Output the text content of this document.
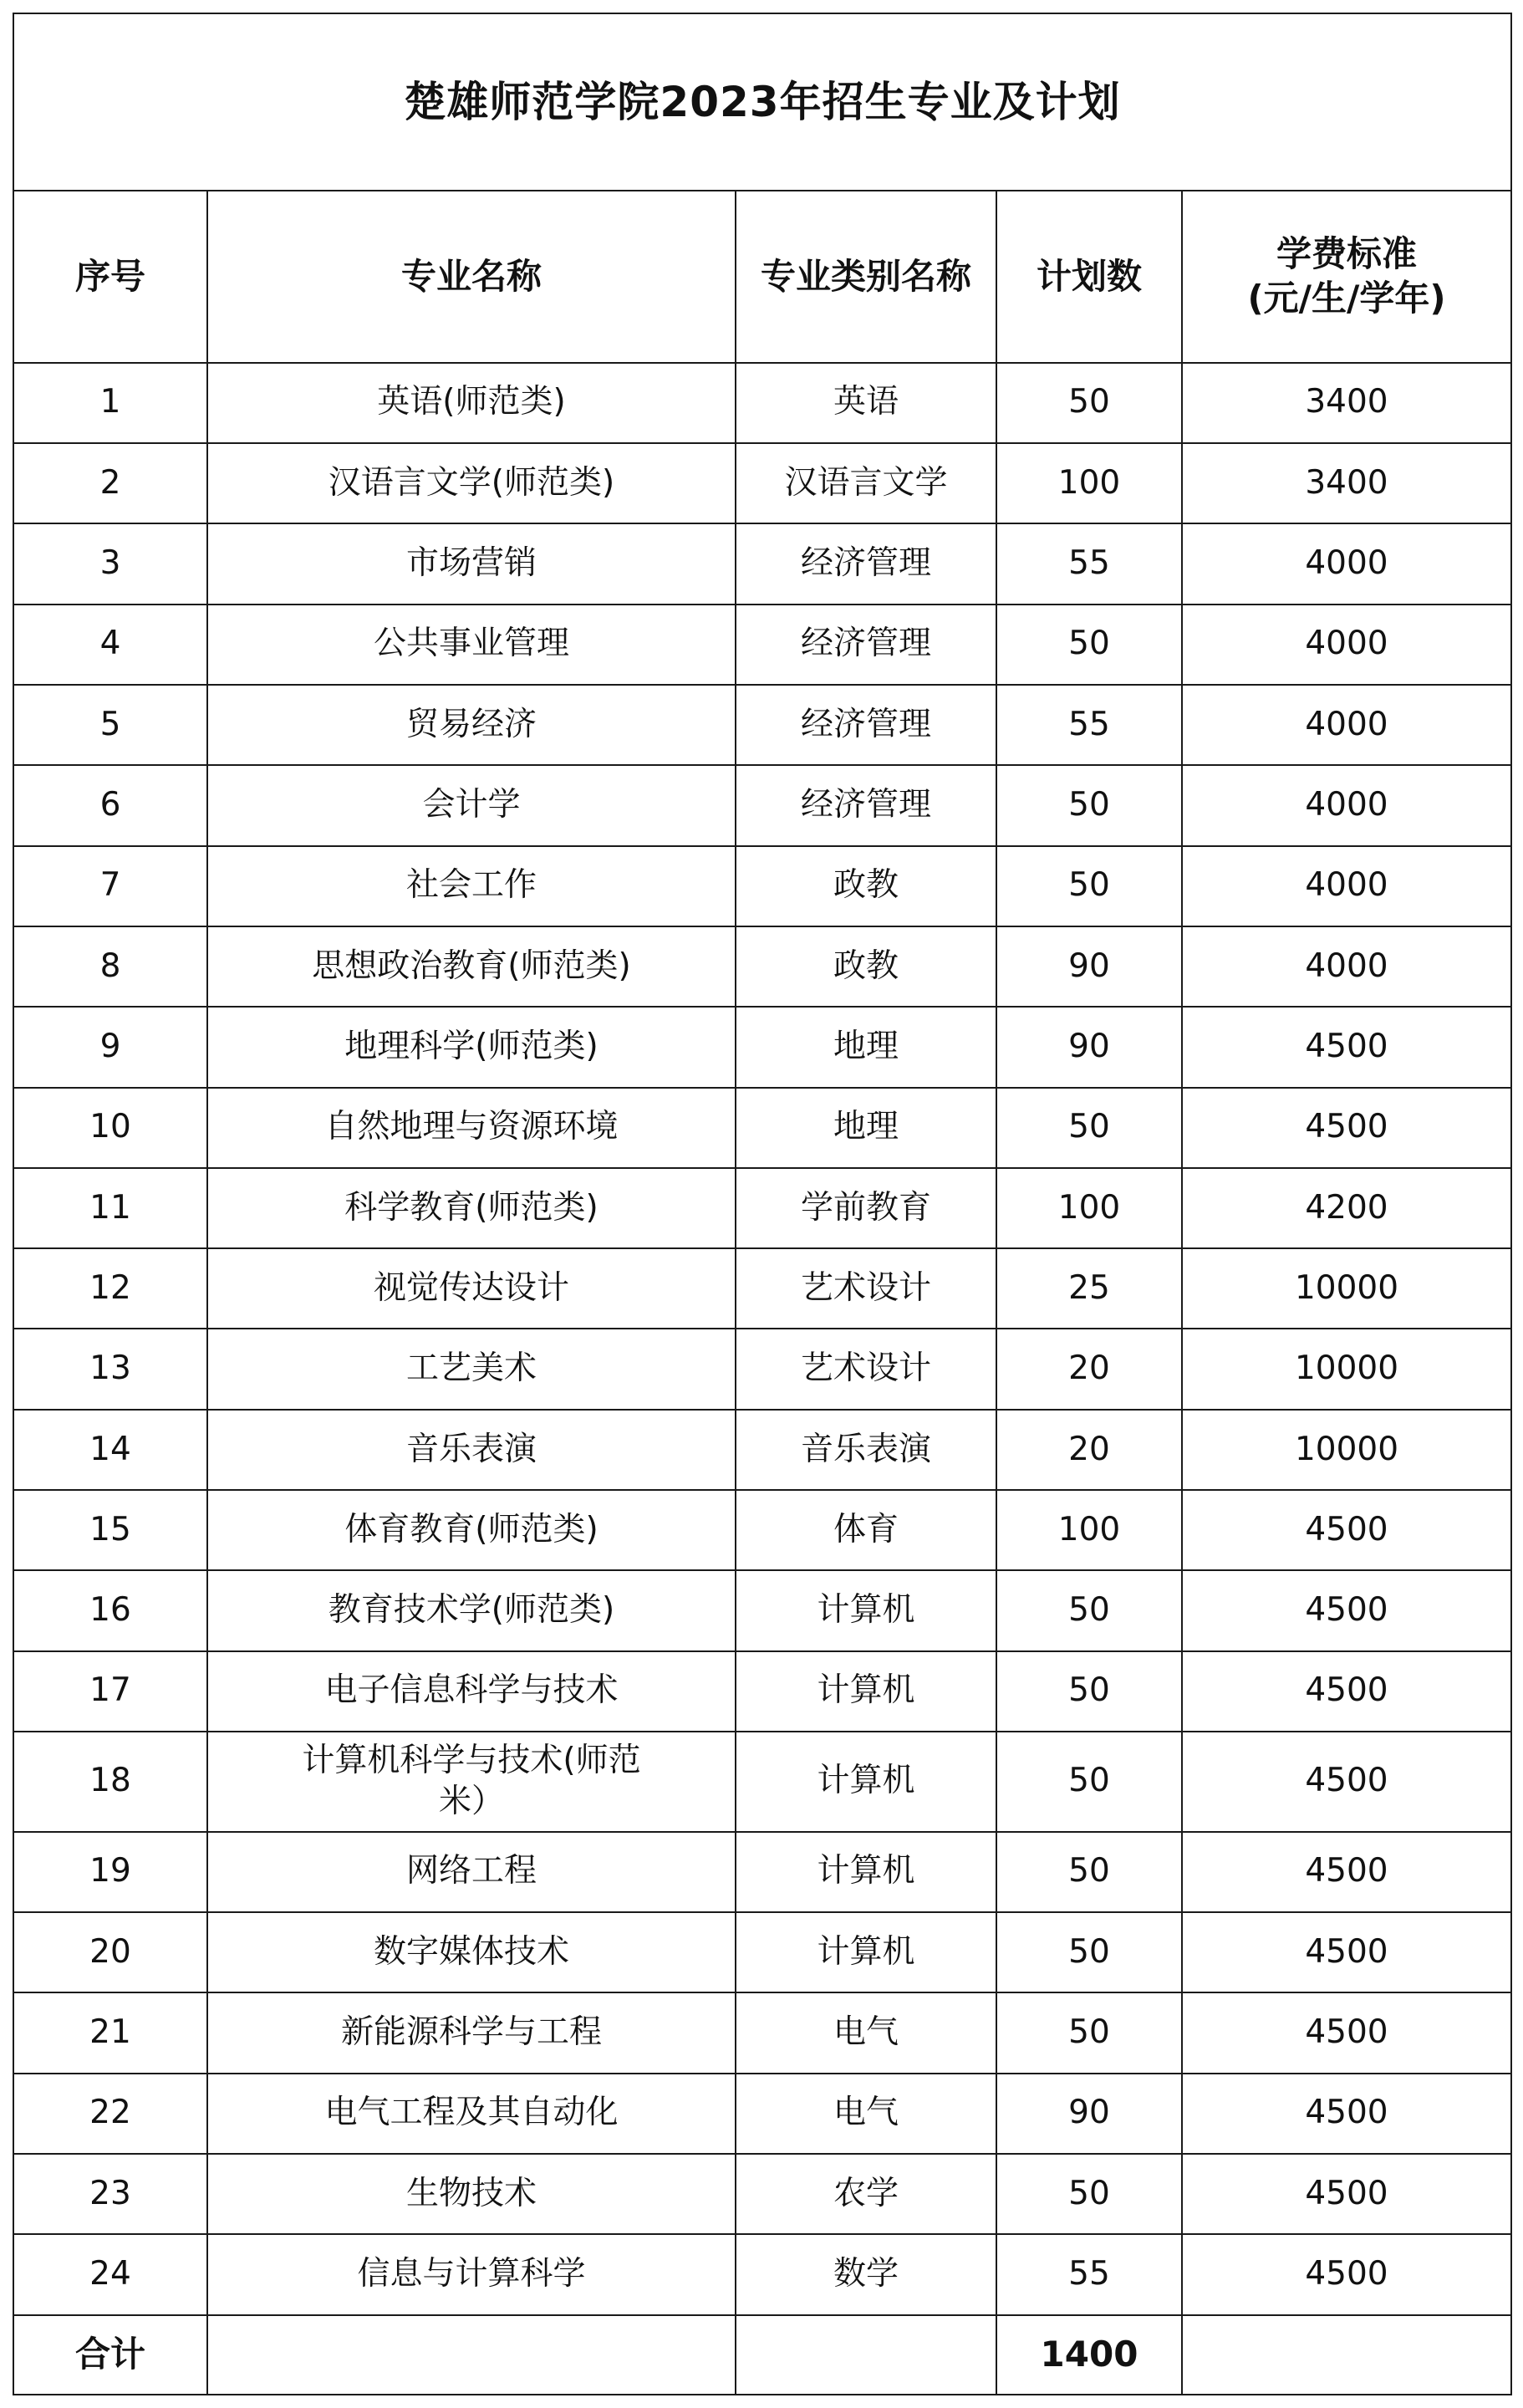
楚雄师范学院2023年招生专业及计划				
序号	专业名称	专业类别名称	计划数	学费标准
(元/生/学年)

1	英语(师范类)	英语	50	3400
2	汉语言文学(师范类)	汉语言文学	100	3400
3	市场营销	经济管理	55	4000
4	公共事业管理	经济管理	50	4000
5	贸易经济	经济管理	55	4000
6	会计学	经济管理	50	4000
7	社会工作	政教	50	4000
8	思想政治教育(师范类)	政教	90	4000
9	地理科学(师范类)	地理	90	4500
10	自然地理与资源环境	地理	50	4500
11	科学教育(师范类)	学前教育	100	4200
12	视觉传达设计	艺术设计	25	10000
13	工艺美术	艺术设计	20	10000
14	音乐表演	音乐表演	20	10000
15	体育教育(师范类)	体育	100	4500
16	教育技术学(师范类)	计算机	50	4500
17	电子信息科学与技术	计算机	50	4500
18	计算机科学与技术(师范
米）	计算机	50	4500
19	网络工程	计算机	50	4500
20	数字媒体技术	计算机	50	4500
21	新能源科学与工程	电气	50	4500
22	电气工程及其自动化	电气	90	4500
23	生物技术	农学	50	4500
24	信息与计算科学	数学	55	4500
合计			1400	
